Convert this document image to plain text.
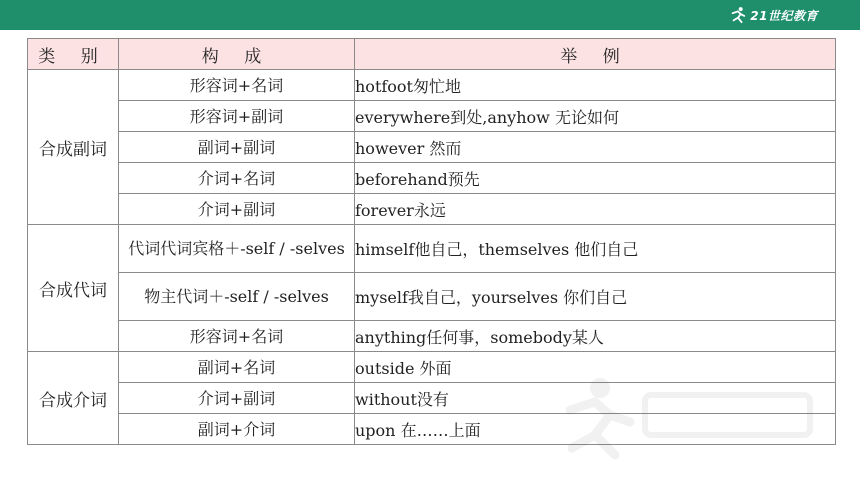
21世纪教育
类 别	构 成	举 例
合成副词	形容词+名词	hotfoot匆忙地
	形容词+副词	everywhere到处,anyhow 无论如何
	副词+副词	however 然而
	介词+名词	beforehand预先
	介词+副词	forever永远
合成代词	代词代词宾格＋-self / -selves	himself他自己，themselves 他们自己
	物主代词＋-self / -selves	myself我自己，yourselves 你们自己
	形容词+名词	anything任何事，somebody某人
合成介词	副词+名词	outside 外面
	介词+副词	without没有
	副词+介词	upon 在……上面
